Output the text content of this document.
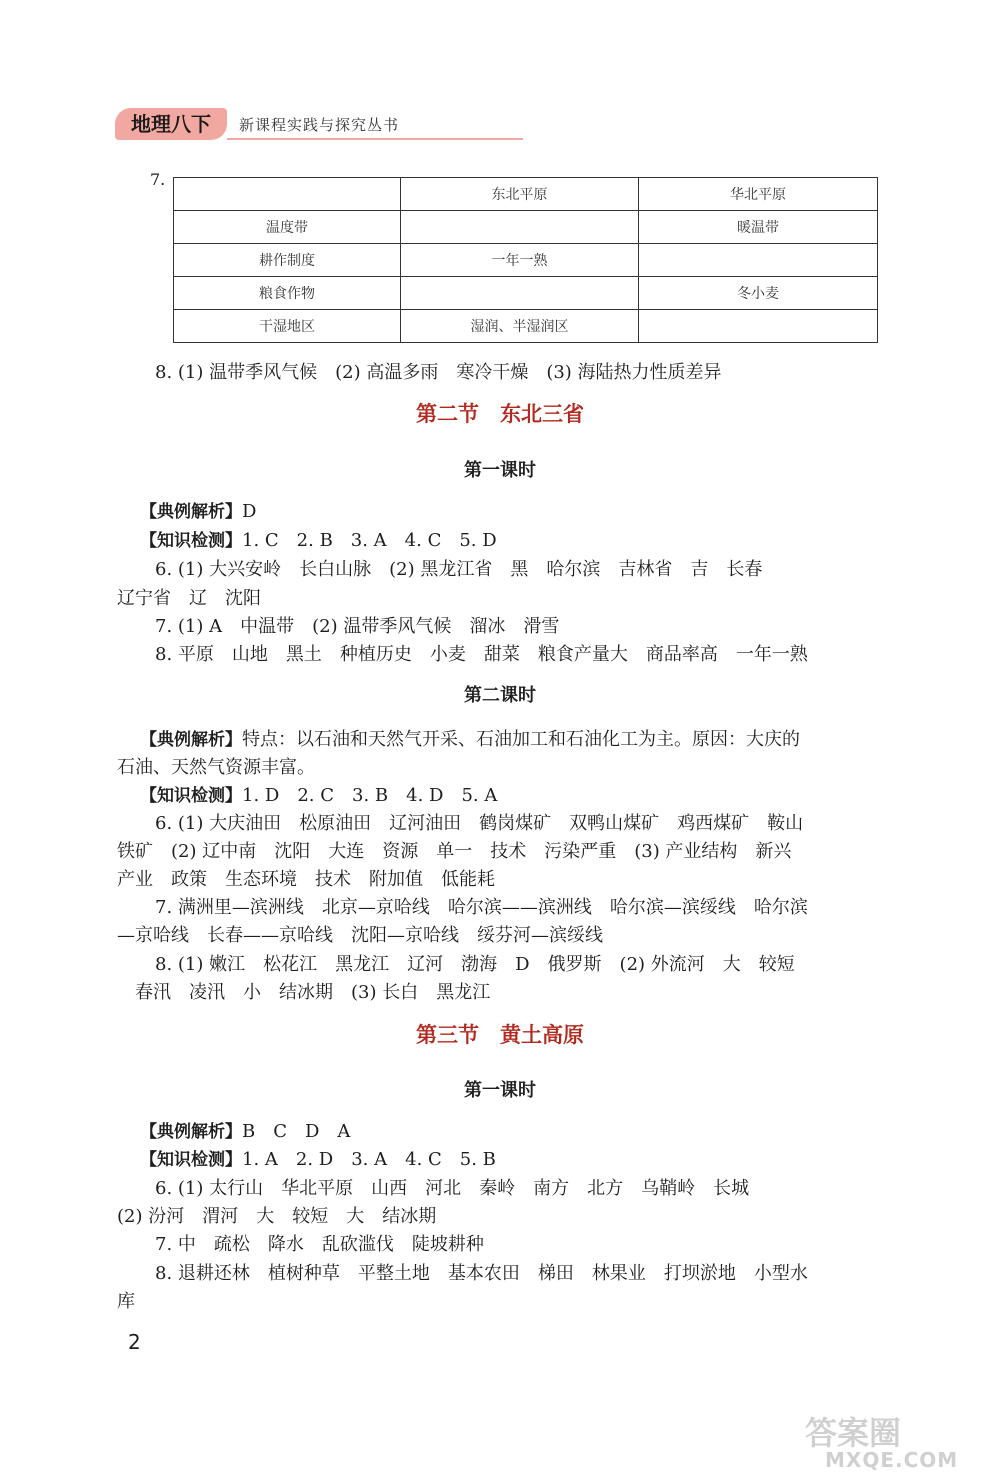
地理八下	新课程实践与探究丛书
7.
	东北平原	华北平原
温度带		暖温带
耕作制度	一年一熟	
粮食作物		冬小麦
干湿地区	湿润、半湿润区	
8. (1) 温带季风气候　(2) 高温多雨　寒冷干燥　(3) 海陆热力性质差异
第二节　东北三省
第一课时
【典例解析】D
【知识检测】1. C　2. B　3. A　4. C　5. D
6. (1) 大兴安岭　长白山脉　(2) 黑龙江省　黑　哈尔滨　吉林省　吉　长春
辽宁省　辽　沈阳
7. (1) A　中温带　(2) 温带季风气候　溜冰　滑雪
8. 平原　山地　黑土　种植历史　小麦　甜菜　粮食产量大　商品率高　一年一熟
第二课时
【典例解析】特点：以石油和天然气开采、石油加工和石油化工为主。原因：大庆的
石油、天然气资源丰富。
【知识检测】1. D　2. C　3. B　4. D　5. A
6. (1) 大庆油田　松原油田　辽河油田　鹤岗煤矿　双鸭山煤矿　鸡西煤矿　鞍山
铁矿　(2) 辽中南　沈阳　大连　资源　单一　技术　污染严重　(3) 产业结构　新兴
产业　政策　生态环境　技术　附加值　低能耗
7. 满洲里—滨洲线　北京—京哈线　哈尔滨——滨洲线　哈尔滨—滨绥线　哈尔滨
—京哈线　长春——京哈线　沈阳—京哈线　绥芬河—滨绥线
8. (1) 嫩江　松花江　黑龙江　辽河　渤海　D　俄罗斯　(2) 外流河　大　较短
春汛　凌汛　小　结冰期　(3) 长白　黑龙江
第三节　黄土高原
第一课时
【典例解析】B　C　D　A
【知识检测】1. A　2. D　3. A　4. C　5. B
6. (1) 太行山　华北平原　山西　河北　秦岭　南方　北方　乌鞘岭　长城
(2) 汾河　渭河　大　较短　大　结冰期
7. 中　疏松　降水　乱砍滥伐　陡坡耕种
8. 退耕还林　植树种草　平整土地　基本农田　梯田　林果业　打坝淤地　小型水
库
2
答案圈
MXQE.COM
